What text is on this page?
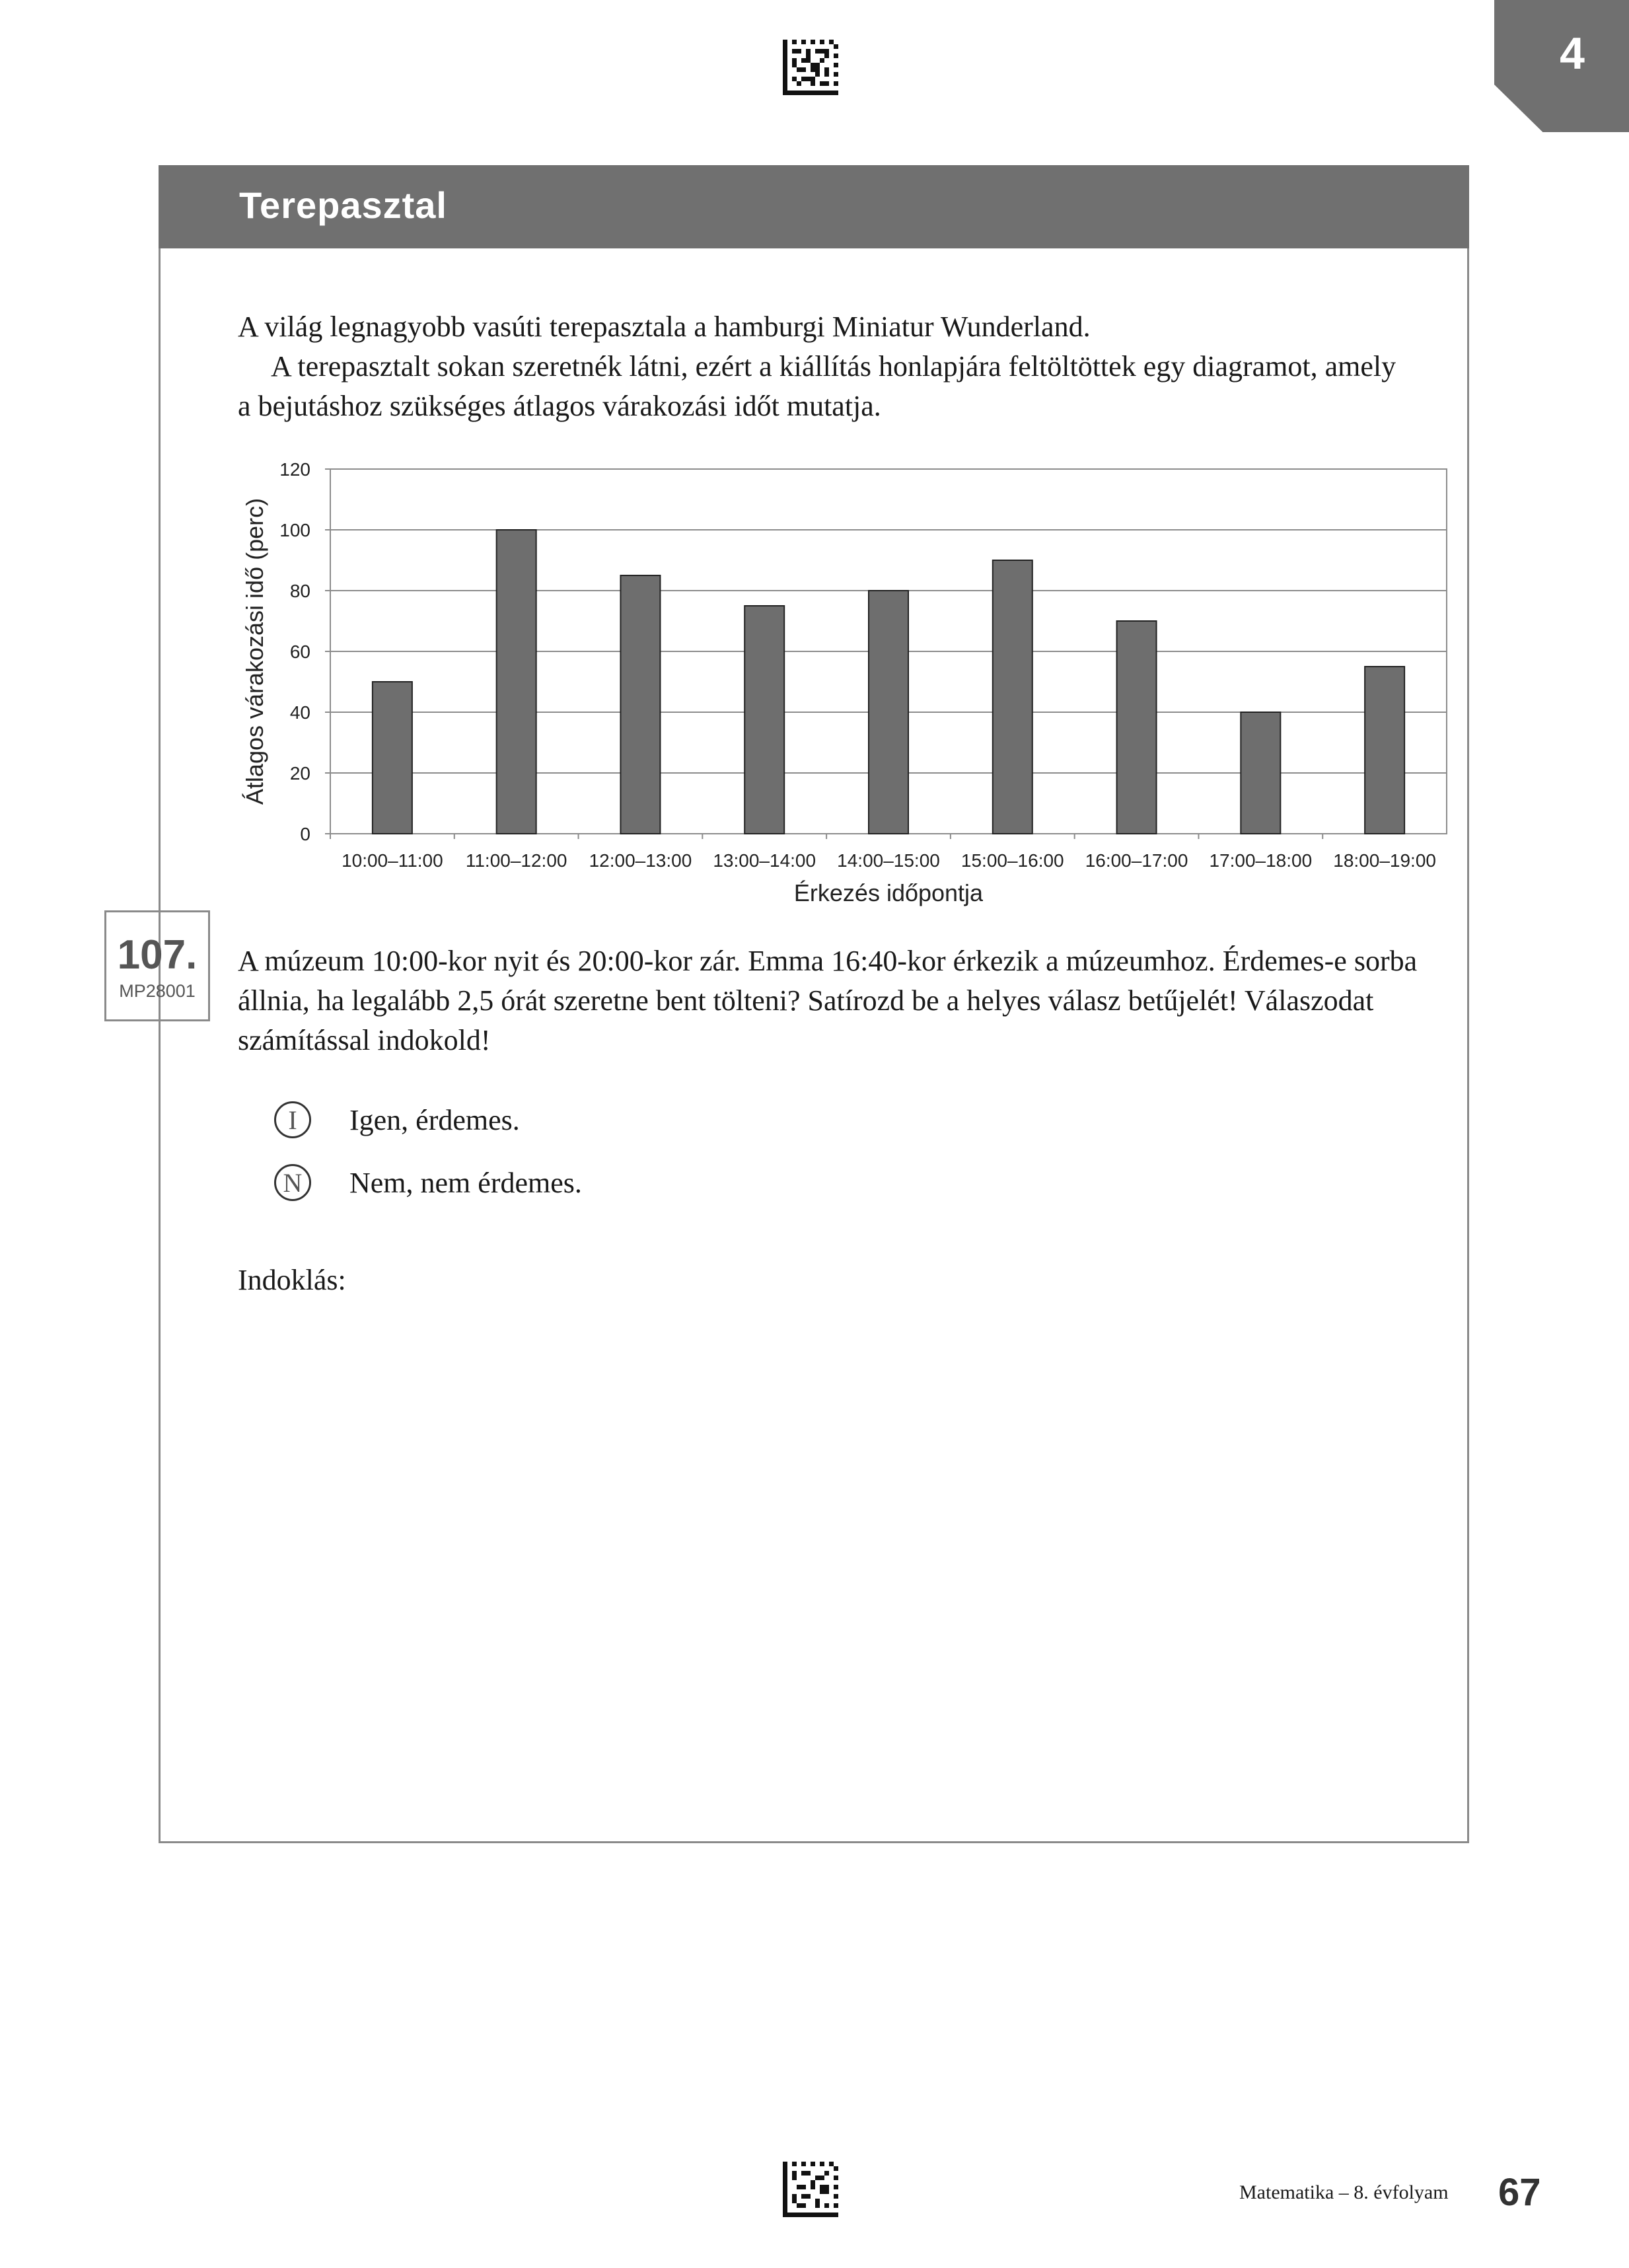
4
Terepasztal

A világ legnagyobb vasúti terepasztala a hamburgi Miniatur Wunderland.

A terepasztalt sokan szeretnék látni, ezért a kiállítás honlapjára feltöltöttek egy diagramot, amely a bejutáshoz szükséges átlagos várakozási időt mutatja.

0
20
40
60
80
100
120
10:00–11:00 11:00–12:00 12:00–13:00 13:00–14:00 14:00–15:00 15:00–16:00 16:00–17:00 17:00–18:00 18:00–19:00
Érkezés időpontja
Átlagos várakozási idő (perc)
107.
MP28001
A múzeum 10:00-kor nyit és 20:00-kor zár. Emma 16:40-kor érkezik a múzeumhoz. Érdemes-e sorba állnia, ha legalább 2,5 órát szeretne bent tölteni? Satírozd be a helyes válasz betűjelét! Válaszodat számítással indokold!
I	Igen, érdemes.
N	Nem, nem érdemes.
Indoklás:
Matematika – 8. évfolyam 67
